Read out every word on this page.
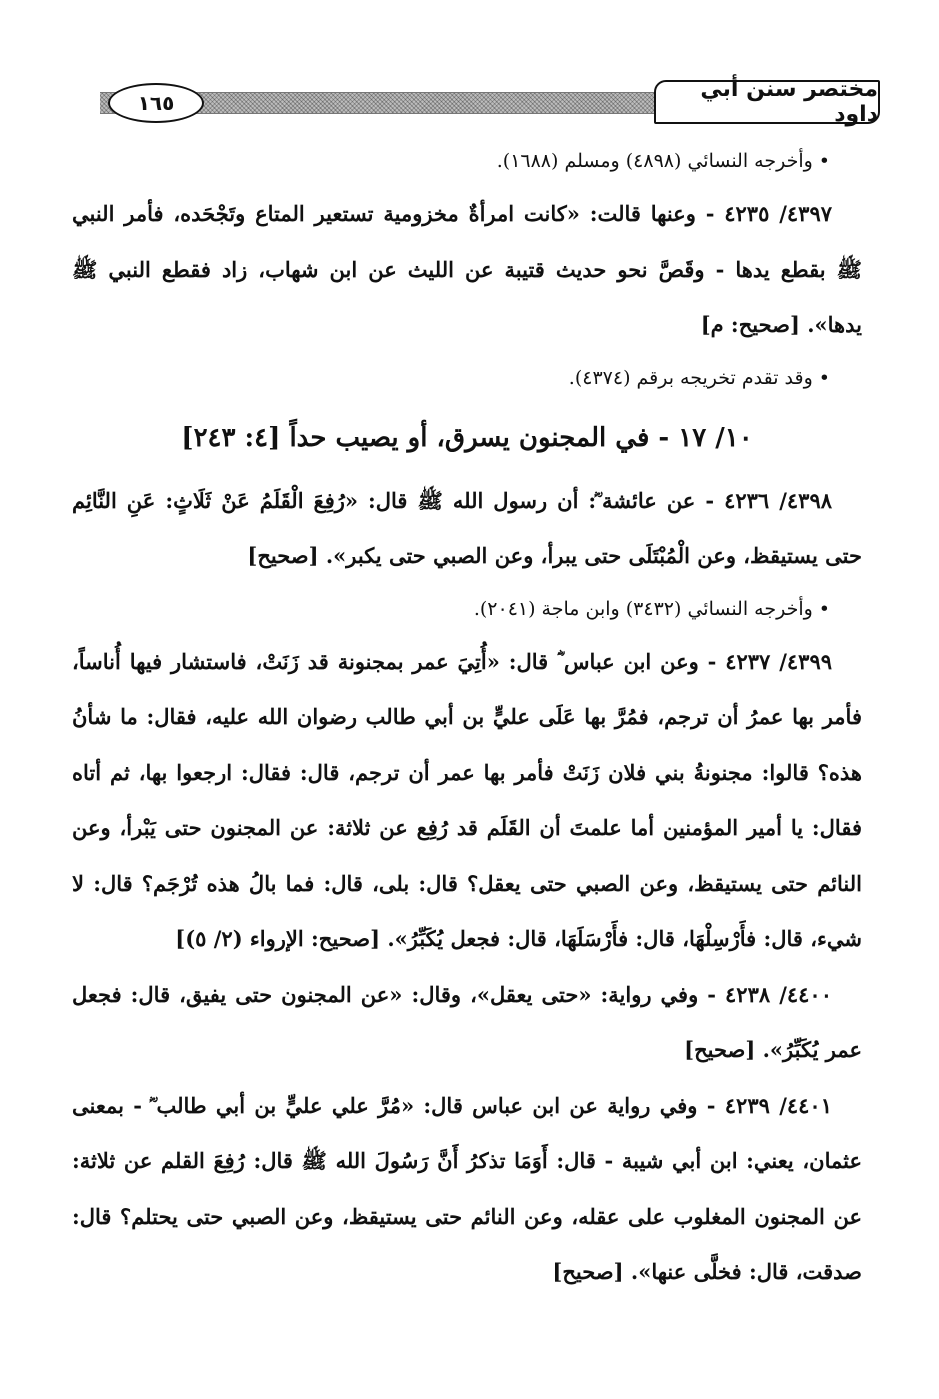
١٦٥
مختصر سنن أبي داود

• وأخرجه النسائي (٤٨٩٨) ومسلم (١٦٨٨).

٤٣٩٧/ ٤٢٣٥ - وعنها قالت: «كانت امرأةٌ مخزومية تستعير المتاع وتَجْحَده، فأمر النبي ﷺ بقطع يدها - وقَصَّ نحو حديث قتيبة عن الليث عن ابن شهاب، زاد فقطع النبي ﷺ يدها». [صحيح: م]

• وقد تقدم تخريجه برقم (٤٣٧٤).

١٠/ ١٧ - في المجنون يسرق، أو يصيب حداً [٤: ٢٤٣]

٤٣٩٨/ ٤٢٣٦ - عن عائشة ؓ: أن رسول الله ﷺ قال: «رُفِعَ الْقَلَمُ عَنْ ثَلَاثٍ: عَنِ النَّائِم حتى يستيقظ، وعن الْمُبْتَلَى حتى يبرأ، وعن الصبي حتى يكبر». [صحيح]

• وأخرجه النسائي (٣٤٣٢) وابن ماجة (٢٠٤١).

٤٣٩٩/ ٤٢٣٧ - وعن ابن عباس ؓ قال: «أُتِيَ عمر بمجنونة قد زَنَتْ، فاستشار فيها أُناساً، فأمر بها عمرُ أن ترجم، فمُرَّ بها عَلَى عليٍّ بن أبي طالب رضوان الله عليه، فقال: ما شأنُ هذه؟ قالوا: مجنونةُ بني فلان زَنَتْ فأمر بها عمر أن ترجم، قال: فقال: ارجعوا بها، ثم أتاه فقال: يا أمير المؤمنين أما علمتَ أن القَلَم قد رُفِع عن ثلاثة: عن المجنون حتى يَبْرأ، وعن النائم حتى يستيقظ، وعن الصبي حتى يعقل؟ قال: بلى، قال: فما بالُ هذه تُرْجَم؟ قال: لا شيء، قال: فأَرْسِلْهَا، قال: فأَرْسَلَهَا، قال: فجعل يُكَبِّرُ». [صحيح: الإرواء (٢/ ٥)]

٤٤٠٠/ ٤٢٣٨ - وفي رواية: «حتى يعقل»، وقال: «عن المجنون حتى يفيق، قال: فجعل عمر يُكَبِّرُ». [صحيح]

٤٤٠١/ ٤٢٣٩ - وفي رواية عن ابن عباس قال: «مُرَّ علي عليٍّ بن أبي طالب ؓ - بمعنى عثمان، يعني: ابن أبي شيبة - قال: أَوَمَا تذكرُ أَنَّ رَسُولَ الله ﷺ قال: رُفِعَ القلم عن ثلاثة: عن المجنون المغلوب على عقله، وعن النائم حتى يستيقظ، وعن الصبي حتى يحتلم؟ قال: صدقت، قال: فخلَّى عنها». [صحيح]
